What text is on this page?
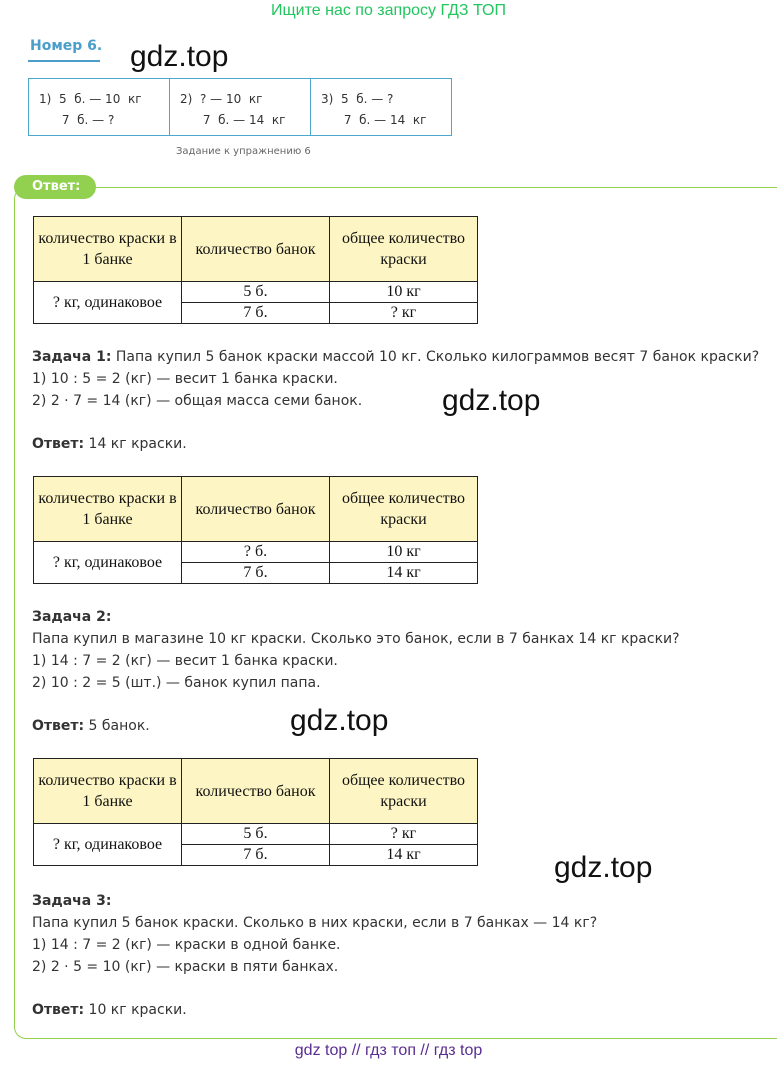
Ищите нас по запросу ГДЗ ТОП
Номер 6. gdz.top
1)  5  б. — 10  кг
7  б. — ?
2)  ? — 10  кг
7  б. — 14  кг
3)  5  б. — ?
7  б. — 14  кг
Задание к упражнению 6
Ответ:
количество краски в 1 банке	количество банок	общее количество краски
? кг, одинаковое	5 б.	10 кг
	7 б.	? кг
Задача 1: Папа купил 5 банок краски массой 10 кг. Сколько килограммов весят 7 банок краски?
1) 10 : 5 = 2 (кг) — весит 1 банка краски.
2) 2 · 7 = 14 (кг) — общая масса семи банок.
Ответ: 14 кг краски.
gdz.top
количество краски в 1 банке	количество банок	общее количество краски
? кг, одинаковое	? б.	10 кг
	7 б.	14 кг
Задача 2:
Папа купил в магазине 10 кг краски. Сколько это банок, если в 7 банках 14 кг краски?
1) 14 : 7 = 2 (кг) — весит 1 банка краски.
2) 10 : 2 = 5 (шт.) — банок купил папа.
Ответ: 5 банок.	gdz.top
количество краски в 1 банке	количество банок	общее количество краски
? кг, одинаковое	5 б.	? кг
	7 б.	14 кг	gdz.top
Задача 3:
Папа купил 5 банок краски. Сколько в них краски, если в 7 банках — 14 кг?
1) 14 : 7 = 2 (кг) — краски в одной банке.
2) 2 · 5 = 10 (кг) — краски в пяти банках.
Ответ: 10 кг краски.
gdz top // гдз топ // гдз top
